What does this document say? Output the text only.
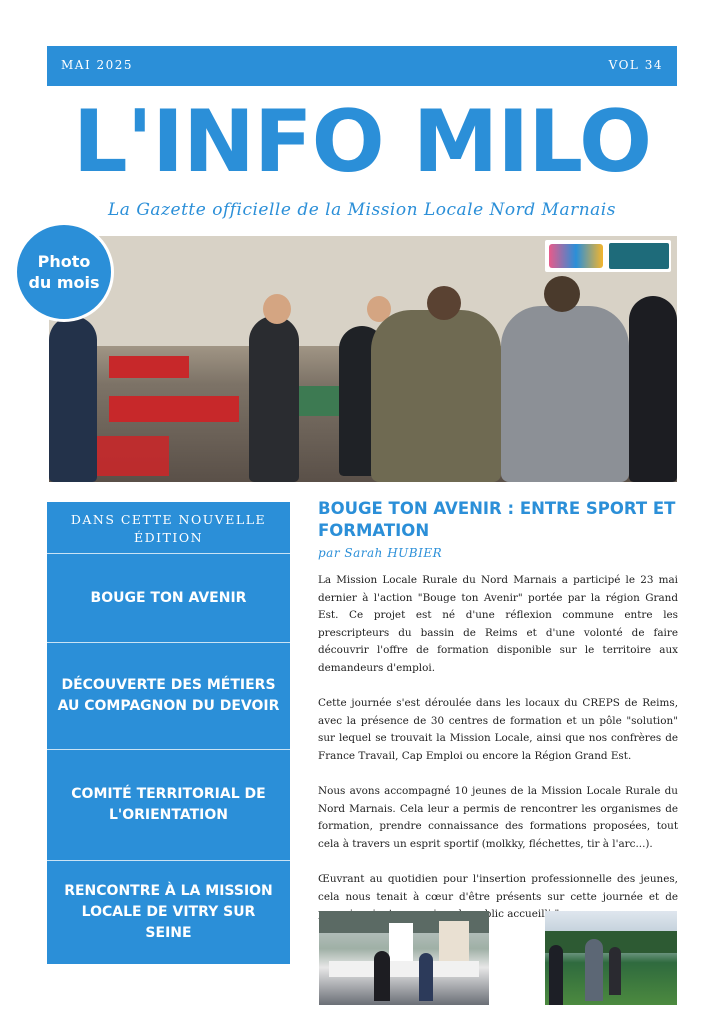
MAI 2025	VOL 34
L'INFO MILO
La Gazette officielle de la Mission Locale Nord Marnais
Photo
du mois
DANS CETTE NOUVELLE ÉDITION
BOUGE TON AVENIR
DÉCOUVERTE DES MÉTIERS AU COMPAGNON DU DEVOIR
COMITÉ TERRITORIAL DE L'ORIENTATION
RENCONTRE À LA MISSION LOCALE DE VITRY SUR SEINE
BOUGE TON AVENIR : ENTRE SPORT ET FORMATION
par Sarah HUBIER

La Mission Locale Rurale du Nord Marnais a participé le 23 mai dernier à l'action "Bouge ton Avenir" portée par la région Grand Est. Ce projet est né d'une réflexion commune entre les prescripteurs du bassin de Reims et d'une volonté de faire découvrir l'offre de formation disponible sur le territoire aux demandeurs d'emploi.

Cette journée s'est déroulée dans les locaux du CREPS de Reims, avec la présence de 30 centres de formation et un pôle "solution" sur lequel se trouvait la Mission Locale, ainsi que nos confrères de France Travail, Cap Emploi ou encore la Région Grand Est.

Nous avons accompagné 10 jeunes de la Mission Locale Rurale du Nord Marnais. Cela leur a permis de rencontrer les organismes de formation, prendre connaissance des formations proposées, tout cela à travers un esprit sportif (molkky, fléchettes, tir à l'arc...).

Œuvrant au quotidien pour l'insertion professionnelle des jeunes, cela nous tenait à cœur d'être présents sur cette journée et de accueilli."
